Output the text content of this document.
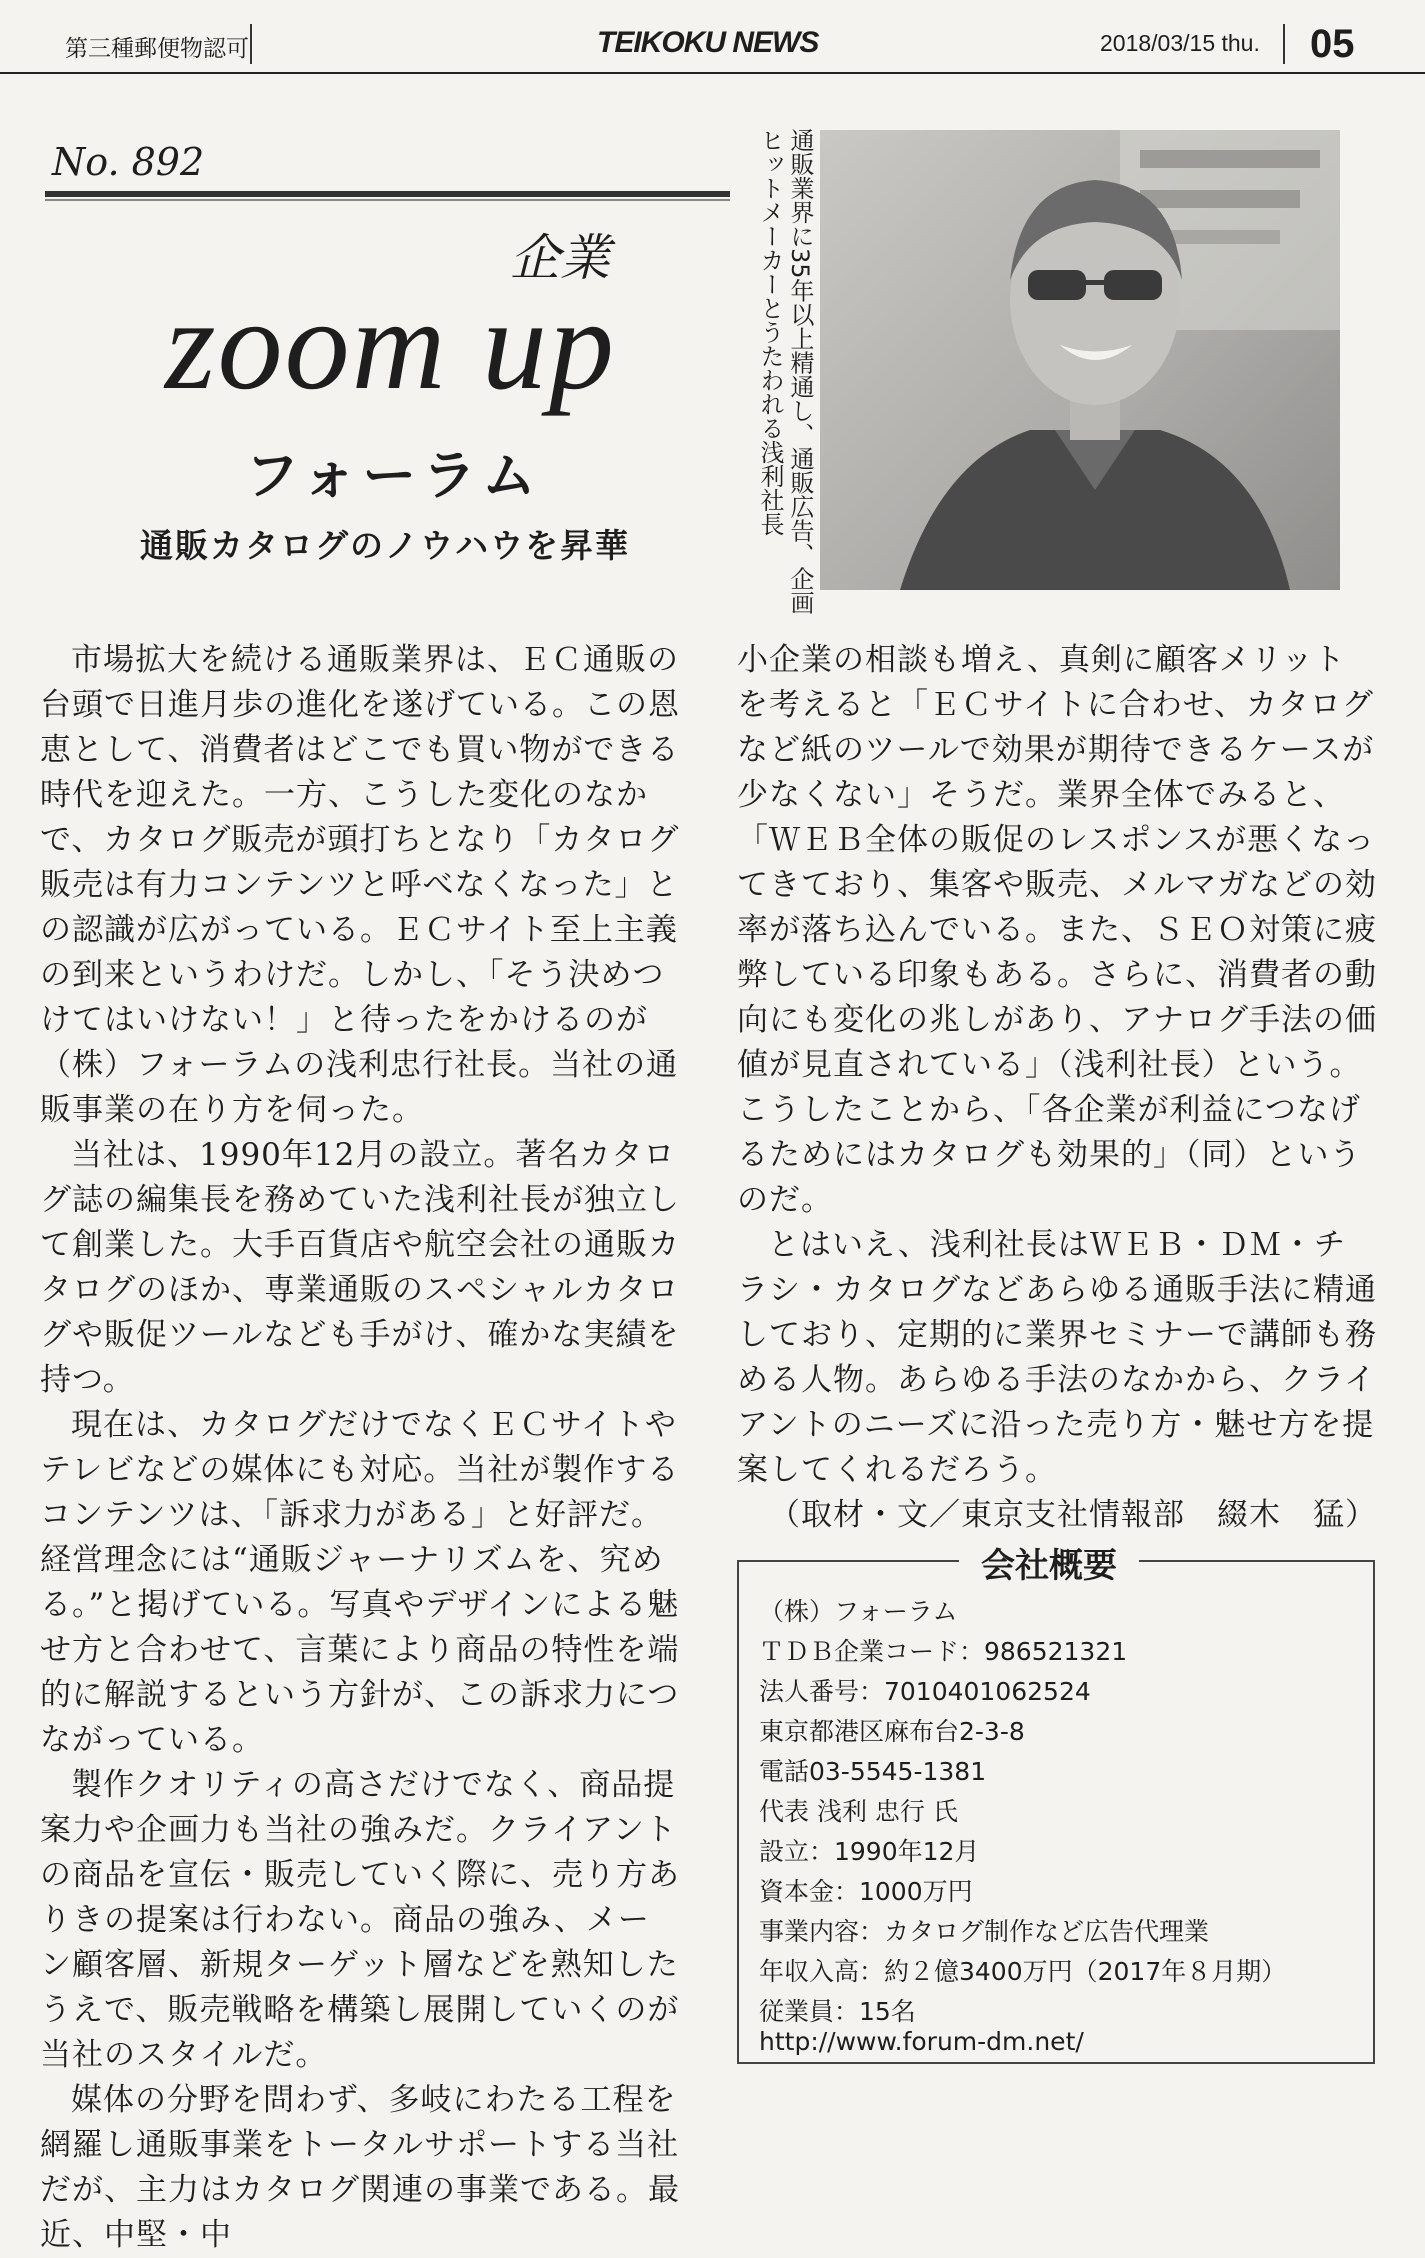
第三種郵便物認可	TEIKOKU NEWS	2018/03/15 thu. 05
No. 892
企業
zoom up
フォーラム
通販カタログのノウハウを昇華	通販業界に35年以上精通し、通販広告、企画
ヒットメーカーとうたわれる浅利社長

市場拡大を続ける通販業界は、ＥＣ通販の台頭で日進月歩の進化を遂げている。この恩恵として、消費者はどこでも買い物ができる時代を迎えた。一方、こうした変化のなかで、カタログ販売が頭打ちとなり「カタログ販売は有力コンテンツと呼べなくなった」との認識が広がっている。ＥＣサイト至上主義の到来というわけだ。しかし、「そう決めつけてはいけない！」と待ったをかけるのが（株）フォーラムの浅利忠行社長。当社の通販事業の在り方を伺った。

当社は、1990年12月の設立。著名カタログ誌の編集長を務めていた浅利社長が独立して創業した。大手百貨店や航空会社の通販カタログのほか、専業通販のスペシャルカタログや販促ツールなども手がけ、確かな実績を持つ。

現在は、カタログだけでなくＥＣサイトやテレビなどの媒体にも対応。当社が製作するコンテンツは、「訴求力がある」と好評だ。経営理念には“通販ジャーナリズムを、究める。”と掲げている。写真やデザインによる魅せ方と合わせて、言葉により商品の特性を端的に解説するという方針が、この訴求力につながっている。

製作クオリティの高さだけでなく、商品提案力や企画力も当社の強みだ。クライアントの商品を宣伝・販売していく際に、売り方ありきの提案は行わない。商品の強み、メーン顧客層、新規ターゲット層などを熟知したうえで、販売戦略を構築し展開していくのが当社のスタイルだ。

媒体の分野を問わず、多岐にわたる工程を網羅し通販事業をトータルサポートする当社だが、主力はカタログ関連の事業である。最近、中堅・中

小企業の相談も増え、真剣に顧客メリットを考えると「ＥＣサイトに合わせ、カタログなど紙のツールで効果が期待できるケースが少なくない」そうだ。業界全体でみると、「ＷＥＢ全体の販促のレスポンスが悪くなってきており、集客や販売、メルマガなどの効率が落ち込んでいる。また、ＳＥＯ対策に疲弊している印象もある。さらに、消費者の動向にも変化の兆しがあり、アナログ手法の価値が見直されている」（浅利社長）という。こうしたことから、「各企業が利益につなげるためにはカタログも効果的」（同）というのだ。

とはいえ、浅利社長はＷＥＢ・ＤＭ・チラシ・カタログなどあらゆる通販手法に精通しており、定期的に業界セミナーで講師も務める人物。あらゆる手法のなかから、クライアントのニーズに沿った売り方・魅せ方を提案してくれるだろう。

（取材・文／東京支社情報部　綴木　猛）

会社概要
（株）フォーラム
ＴＤＢ企業コード：986521321
法人番号：7010401062524
東京都港区麻布台2-3-8
電話03-5545-1381
代表 浅利 忠行 氏
設立：1990年12月
資本金：1000万円
事業内容：カタログ制作など広告代理業
年収入高：約２億3400万円（2017年８月期）
従業員：15名
http://www.forum-dm.net/
